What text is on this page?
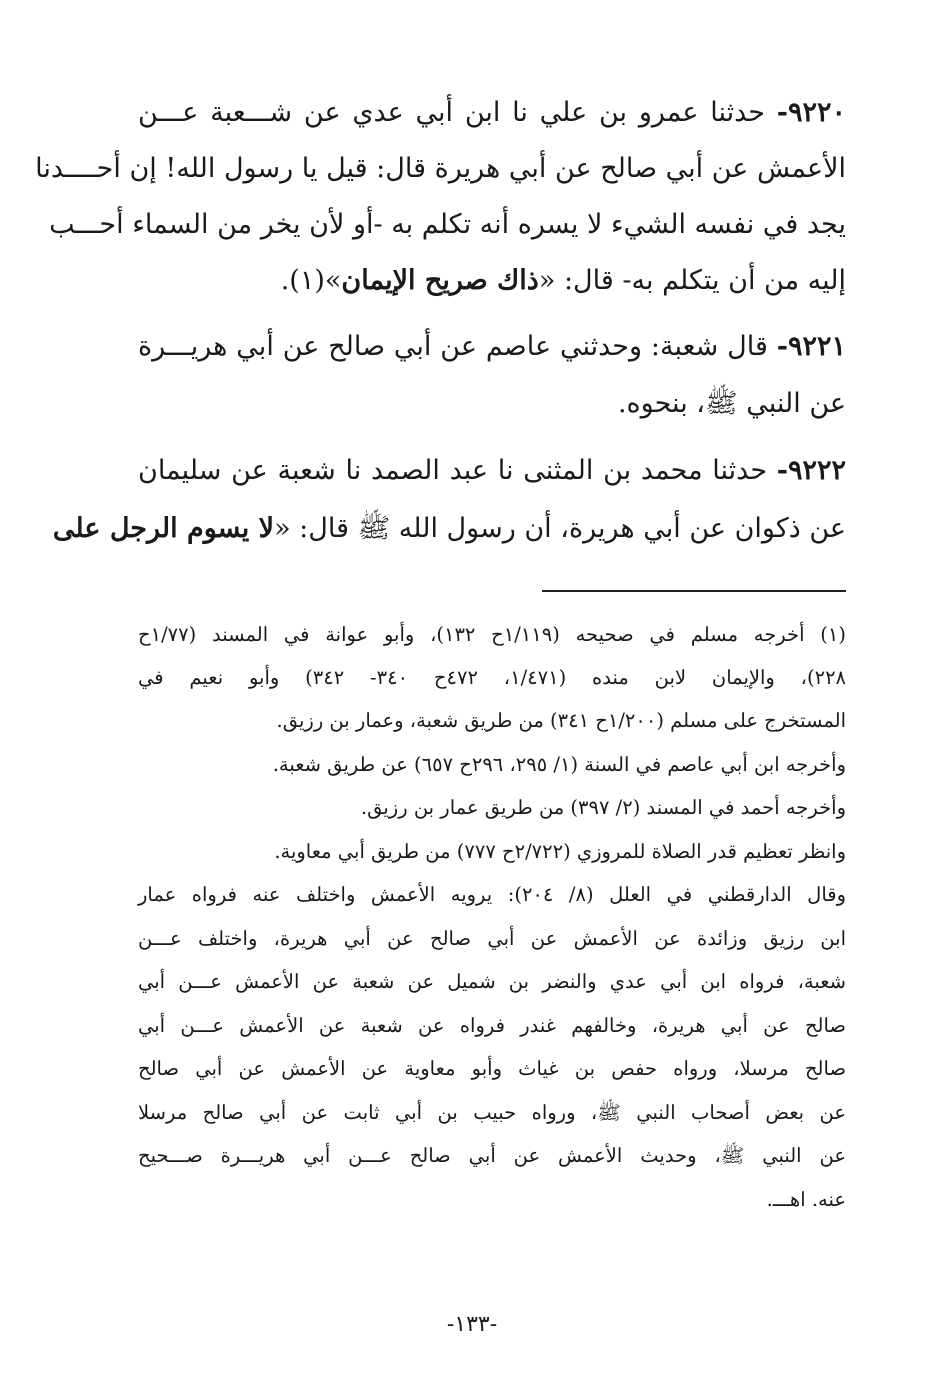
٩٢٢٠- حدثنا عمرو بن علي نا ابن أبي عدي عن شـــعبة عـــن
الأعمش عن أبي صالح عن أبي هريرة قال: قيل يا رسول الله! إن أحــــدنا
يجد في نفسه الشيء لا يسره أنه تكلم به -أو لأن يخر من السماء أحـــب
إليه من أن يتكلم به- قال: «ذاك صريح الإيمان»(١).
٩٢٢١- قال شعبة: وحدثني عاصم عن أبي صالح عن أبي هريـــرة
عن النبي ﷺ، بنحوه.
٩٢٢٢- حدثنا محمد بن المثنى نا عبد الصمد نا شعبة عن سليمان
عن ذكوان عن أبي هريرة، أن رسول الله ﷺ قال: «لا يسوم الرجل على
(١) أخرجه مسلم في صحيحه (١/١١٩ح ١٣٢)، وأبو عوانة في المسند (١/٧٧ح
٢٢٨)، والإيمان لابن منده (١/٤٧١، ٤٧٢ح ٣٤٠- ٣٤٢) وأبو نعيم في
المستخرج على مسلم (١/٢٠٠ح ٣٤١) من طريق شعبة، وعمار بن رزيق.
وأخرجه ابن أبي عاصم في السنة (١/ ٢٩٥، ٢٩٦ح ٦٥٧) عن طريق شعبة.
وأخرجه أحمد في المسند (٢/ ٣٩٧) من طريق عمار بن رزيق.
وانظر تعظيم قدر الصلاة للمروزي (٢/٧٢٢ح ٧٧٧) من طريق أبي معاوية.
وقال الدارقطني في العلل (٨/ ٢٠٤): يرويه الأعمش واختلف عنه فرواه عمار
ابن رزيق وزائدة عن الأعمش عن أبي صالح عن أبي هريرة، واختلف عـــن
شعبة، فرواه ابن أبي عدي والنضر بن شميل عن شعبة عن الأعمش عـــن أبي
صالح عن أبي هريرة، وخالفهم غندر فرواه عن شعبة عن الأعمش عـــن أبي
صالح مرسلا، ورواه حفص بن غياث وأبو معاوية عن الأعمش عن أبي صالح
عن بعض أصحاب النبي ﷺ، ورواه حبيب بن أبي ثابت عن أبي صالح مرسلا
عن النبي ﷺ، وحديث الأعمش عن أبي صالح عـــن أبي هريـــرة صـــحيح
عنه. اهـــ.
-١٣٣-
